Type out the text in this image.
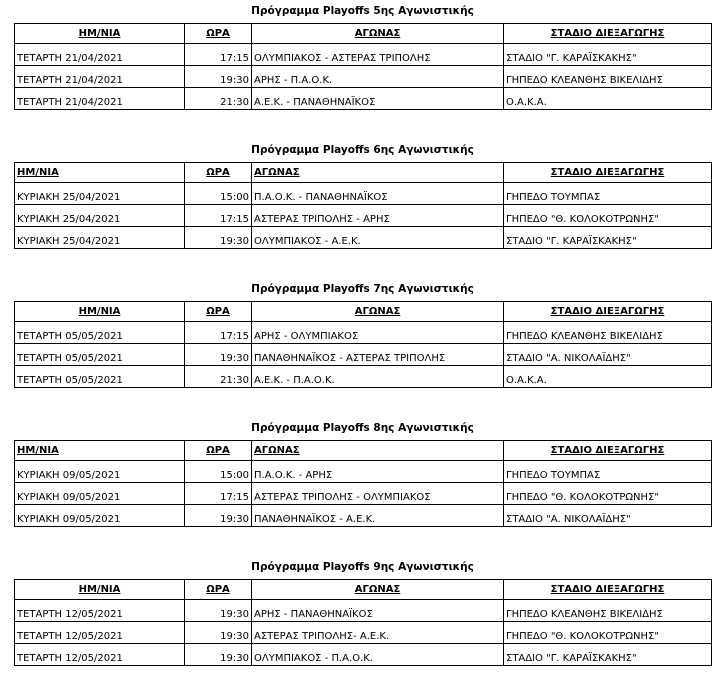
Πρόγραμμα Playoffs 5ης Αγωνιστικής
ΗΜ/ΝΙΑ	ΩΡΑ	ΑΓΩΝΑΣ	ΣΤΑΔΙΟ ΔΙΕΞΑΓΩΓΗΣ
ΤΕΤΑΡΤΗ 21/04/2021	17:15	ΟΛΥΜΠΙΑΚΟΣ - ΑΣΤΕΡΑΣ ΤΡΙΠΟΛΗΣ	ΣΤΑΔΙΟ "Γ. ΚΑΡΑΪΣΚΑΚΗΣ"
ΤΕΤΑΡΤΗ 21/04/2021	19:30	ΑΡΗΣ - Π.Α.Ο.Κ.	ΓΗΠΕΔΟ ΚΛΕΑΝΘΗΣ ΒΙΚΕΛΙΔΗΣ
ΤΕΤΑΡΤΗ 21/04/2021	21:30	Α.Ε.Κ. - ΠΑΝΑΘΗΝΑΪΚΟΣ	Ο.Α.Κ.Α.
Πρόγραμμα Playoffs 6ης Αγωνιστικής
ΗΜ/ΝΙΑ	ΩΡΑ	ΑΓΩΝΑΣ	ΣΤΑΔΙΟ ΔΙΕΞΑΓΩΓΗΣ
ΚΥΡΙΑΚΗ 25/04/2021	15:00	Π.Α.Ο.Κ. - ΠΑΝΑΘΗΝΑΪΚΟΣ	ΓΗΠΕΔΟ ΤΟΥΜΠΑΣ
ΚΥΡΙΑΚΗ 25/04/2021	17:15	ΑΣΤΕΡΑΣ ΤΡΙΠΟΛΗΣ - ΑΡΗΣ	ΓΗΠΕΔΟ "Θ. ΚΟΛΟΚΟΤΡΩΝΗΣ"
ΚΥΡΙΑΚΗ 25/04/2021	19:30	ΟΛΥΜΠΙΑΚΟΣ - Α.Ε.Κ.	ΣΤΑΔΙΟ "Γ. ΚΑΡΑΪΣΚΑΚΗΣ"
Πρόγραμμα Playoffs 7ης Αγωνιστικής
ΗΜ/ΝΙΑ	ΩΡΑ	ΑΓΩΝΑΣ	ΣΤΑΔΙΟ ΔΙΕΞΑΓΩΓΗΣ
ΤΕΤΑΡΤΗ 05/05/2021	17:15	ΑΡΗΣ - ΟΛΥΜΠΙΑΚΟΣ	ΓΗΠΕΔΟ ΚΛΕΑΝΘΗΣ ΒΙΚΕΛΙΔΗΣ
ΤΕΤΑΡΤΗ 05/05/2021	19:30	ΠΑΝΑΘΗΝΑΪΚΟΣ - ΑΣΤΕΡΑΣ ΤΡΙΠΟΛΗΣ	ΣΤΑΔΙΟ "Α. ΝΙΚΟΛΑΪΔΗΣ"
ΤΕΤΑΡΤΗ 05/05/2021	21:30	Α.Ε.Κ. - Π.Α.Ο.Κ.	Ο.Α.Κ.Α.
Πρόγραμμα Playoffs 8ης Αγωνιστικής
ΗΜ/ΝΙΑ	ΩΡΑ	ΑΓΩΝΑΣ	ΣΤΑΔΙΟ ΔΙΕΞΑΓΩΓΗΣ
ΚΥΡΙΑΚΗ 09/05/2021	15:00	Π.Α.Ο.Κ. - ΑΡΗΣ	ΓΗΠΕΔΟ ΤΟΥΜΠΑΣ
ΚΥΡΙΑΚΗ 09/05/2021	17:15	ΑΣΤΕΡΑΣ ΤΡΙΠΟΛΗΣ - ΟΛΥΜΠΙΑΚΟΣ	ΓΗΠΕΔΟ "Θ. ΚΟΛΟΚΟΤΡΩΝΗΣ"
ΚΥΡΙΑΚΗ 09/05/2021	19:30	ΠΑΝΑΘΗΝΑΪΚΟΣ - Α.Ε.Κ.	ΣΤΑΔΙΟ "Α. ΝΙΚΟΛΑΪΔΗΣ"
Πρόγραμμα Playoffs 9ης Αγωνιστικής
ΗΜ/ΝΙΑ	ΩΡΑ	ΑΓΩΝΑΣ	ΣΤΑΔΙΟ ΔΙΕΞΑΓΩΓΗΣ
ΤΕΤΑΡΤΗ 12/05/2021	19:30	ΑΡΗΣ - ΠΑΝΑΘΗΝΑΪΚΟΣ	ΓΗΠΕΔΟ ΚΛΕΑΝΘΗΣ ΒΙΚΕΛΙΔΗΣ
ΤΕΤΑΡΤΗ 12/05/2021	19:30	ΑΣΤΕΡΑΣ ΤΡΙΠΟΛΗΣ- Α.Ε.Κ.	ΓΗΠΕΔΟ "Θ. ΚΟΛΟΚΟΤΡΩΝΗΣ"
ΤΕΤΑΡΤΗ 12/05/2021	19:30	ΟΛΥΜΠΙΑΚΟΣ - Π.Α.Ο.Κ.	ΣΤΑΔΙΟ "Γ. ΚΑΡΑΪΣΚΑΚΗΣ"
